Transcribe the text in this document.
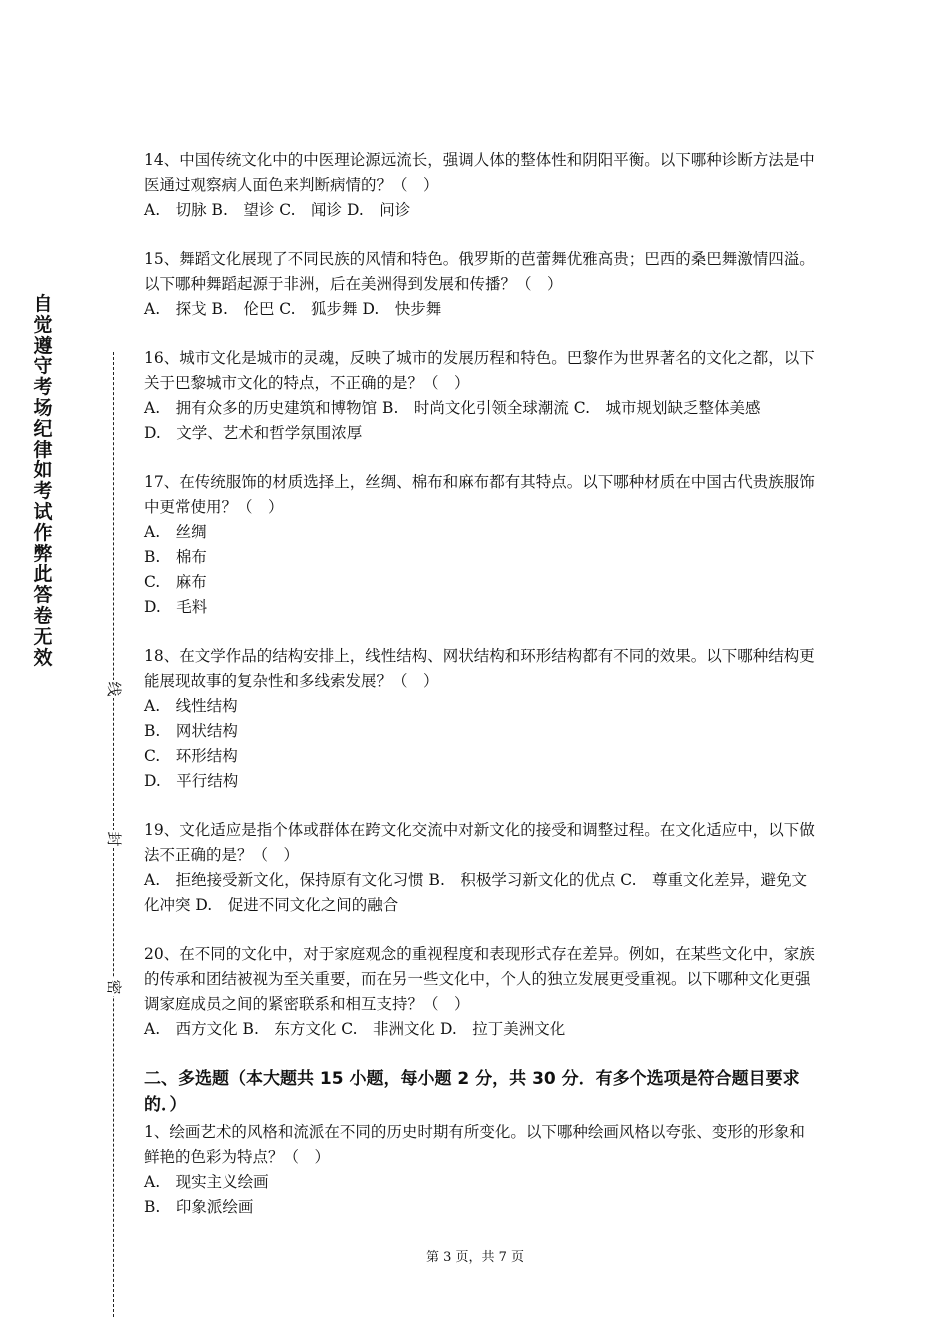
自觉遵守考场纪律如考试作弊此答卷无效
线
封
密

14、中国传统文化中的中医理论源远流长，强调人体的整体性和阴阳平衡。以下哪种诊断方法是中医通过观察病人面色来判断病情的？（　）

A.　切脉 B.　望诊 C.　闻诊 D.　问诊

15、舞蹈文化展现了不同民族的风情和特色。俄罗斯的芭蕾舞优雅高贵；巴西的桑巴舞激情四溢。以下哪种舞蹈起源于非洲，后在美洲得到发展和传播？（　）

A.　探戈 B.　伦巴 C.　狐步舞 D.　快步舞

16、城市文化是城市的灵魂，反映了城市的发展历程和特色。巴黎作为世界著名的文化之都，以下关于巴黎城市文化的特点，不正确的是？（　）

A.　拥有众多的历史建筑和博物馆 B.　时尚文化引领全球潮流 C.　城市规划缺乏整体美感

D.　文学、艺术和哲学氛围浓厚

17、在传统服饰的材质选择上，丝绸、棉布和麻布都有其特点。以下哪种材质在中国古代贵族服饰中更常使用？（　）

A.　丝绸

B.　棉布

C.　麻布

D.　毛料

18、在文学作品的结构安排上，线性结构、网状结构和环形结构都有不同的效果。以下哪种结构更能展现故事的复杂性和多线索发展？（　）

A.　线性结构

B.　网状结构

C.　环形结构

D.　平行结构

19、文化适应是指个体或群体在跨文化交流中对新文化的接受和调整过程。在文化适应中，以下做法不正确的是？（　）

A.　拒绝接受新文化，保持原有文化习惯 B.　积极学习新文化的优点 C.　尊重文化差异，避免文化冲突 D.　促进不同文化之间的融合

20、在不同的文化中，对于家庭观念的重视程度和表现形式存在差异。例如，在某些文化中，家族的传承和团结被视为至关重要，而在另一些文化中，个人的独立发展更受重视。以下哪种文化更强调家庭成员之间的紧密联系和相互支持？（　）

A.　西方文化 B.　东方文化 C.　非洲文化 D.　拉丁美洲文化

二、多选题（本大题共 15 小题，每小题 2 分，共 30 分．有多个选项是符合题目要求的．）

1、绘画艺术的风格和流派在不同的历史时期有所变化。以下哪种绘画风格以夸张、变形的形象和鲜艳的色彩为特点？（　）

A.　现实主义绘画

B.　印象派绘画

第 3 页，共 7 页
